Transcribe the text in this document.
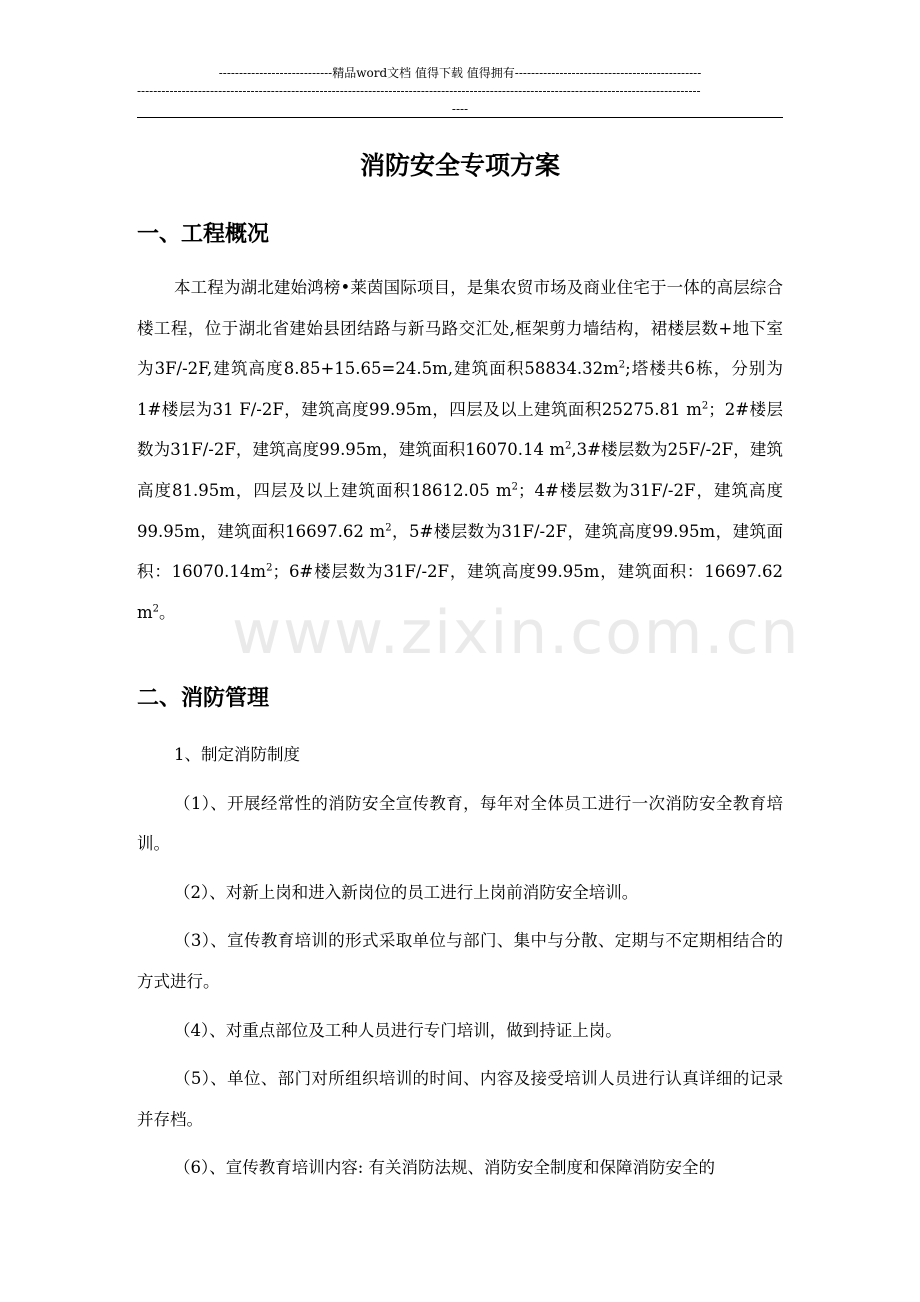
----------------------------精品word文档 值得下载 值得拥有----------------------------------------------
-------------------------------------------------------------------------------------------------------------------------------------------
----
消防安全专项方案
一、工程概况

本工程为湖北建始鸿榜•莱茵国际项目，是集农贸市场及商业住宅于一体的高层综合楼工程，位于湖北省建始县团结路与新马路交汇处,框架剪力墙结构，裙楼层数+地下室为3F/-2F,建筑高度8.85+15.65=24.5m,建筑面积$58834.32m^2$;塔楼共6栋，分别为1#楼层为31 F/-2F，建筑高度99.95m，四层及以上建筑面积25275.81 $m^2$；2#楼层数为31F/-2F，建筑高度99.95m，建筑面积16070.14 $m^2,3\#$楼层数为25F/-2F，建筑高度81.95m，四层及以上建筑面积18612.05 $m^2$；4#楼层数为31F/-2F，建筑高度99.95m，建筑面积16697.62 $m^2$，5#楼层数为31F/-2F，建筑高度99.95m，建筑面积：$16070.14m^2$；6#楼层数为31F/-2F，建筑高度99.95m，建筑面积：16697.62 $m^2$。

二、消防管理

1、制定消防制度

（1）、开展经常性的消防安全宣传教育，每年对全体员工进行一次消防安全教育培训。

（2）、对新上岗和进入新岗位的员工进行上岗前消防安全培训。

（3）、宣传教育培训的形式采取单位与部门、集中与分散、定期与不定期相结合的方式进行。

（4）、对重点部位及工种人员进行专门培训，做到持证上岗。

（5）、单位、部门对所组织培训的时间、内容及接受培训人员进行认真详细的记录并存档。

（6）、宣传教育培训内容: 有关消防法规、消防安全制度和保障消防安全的

www.zixin.com.cn
